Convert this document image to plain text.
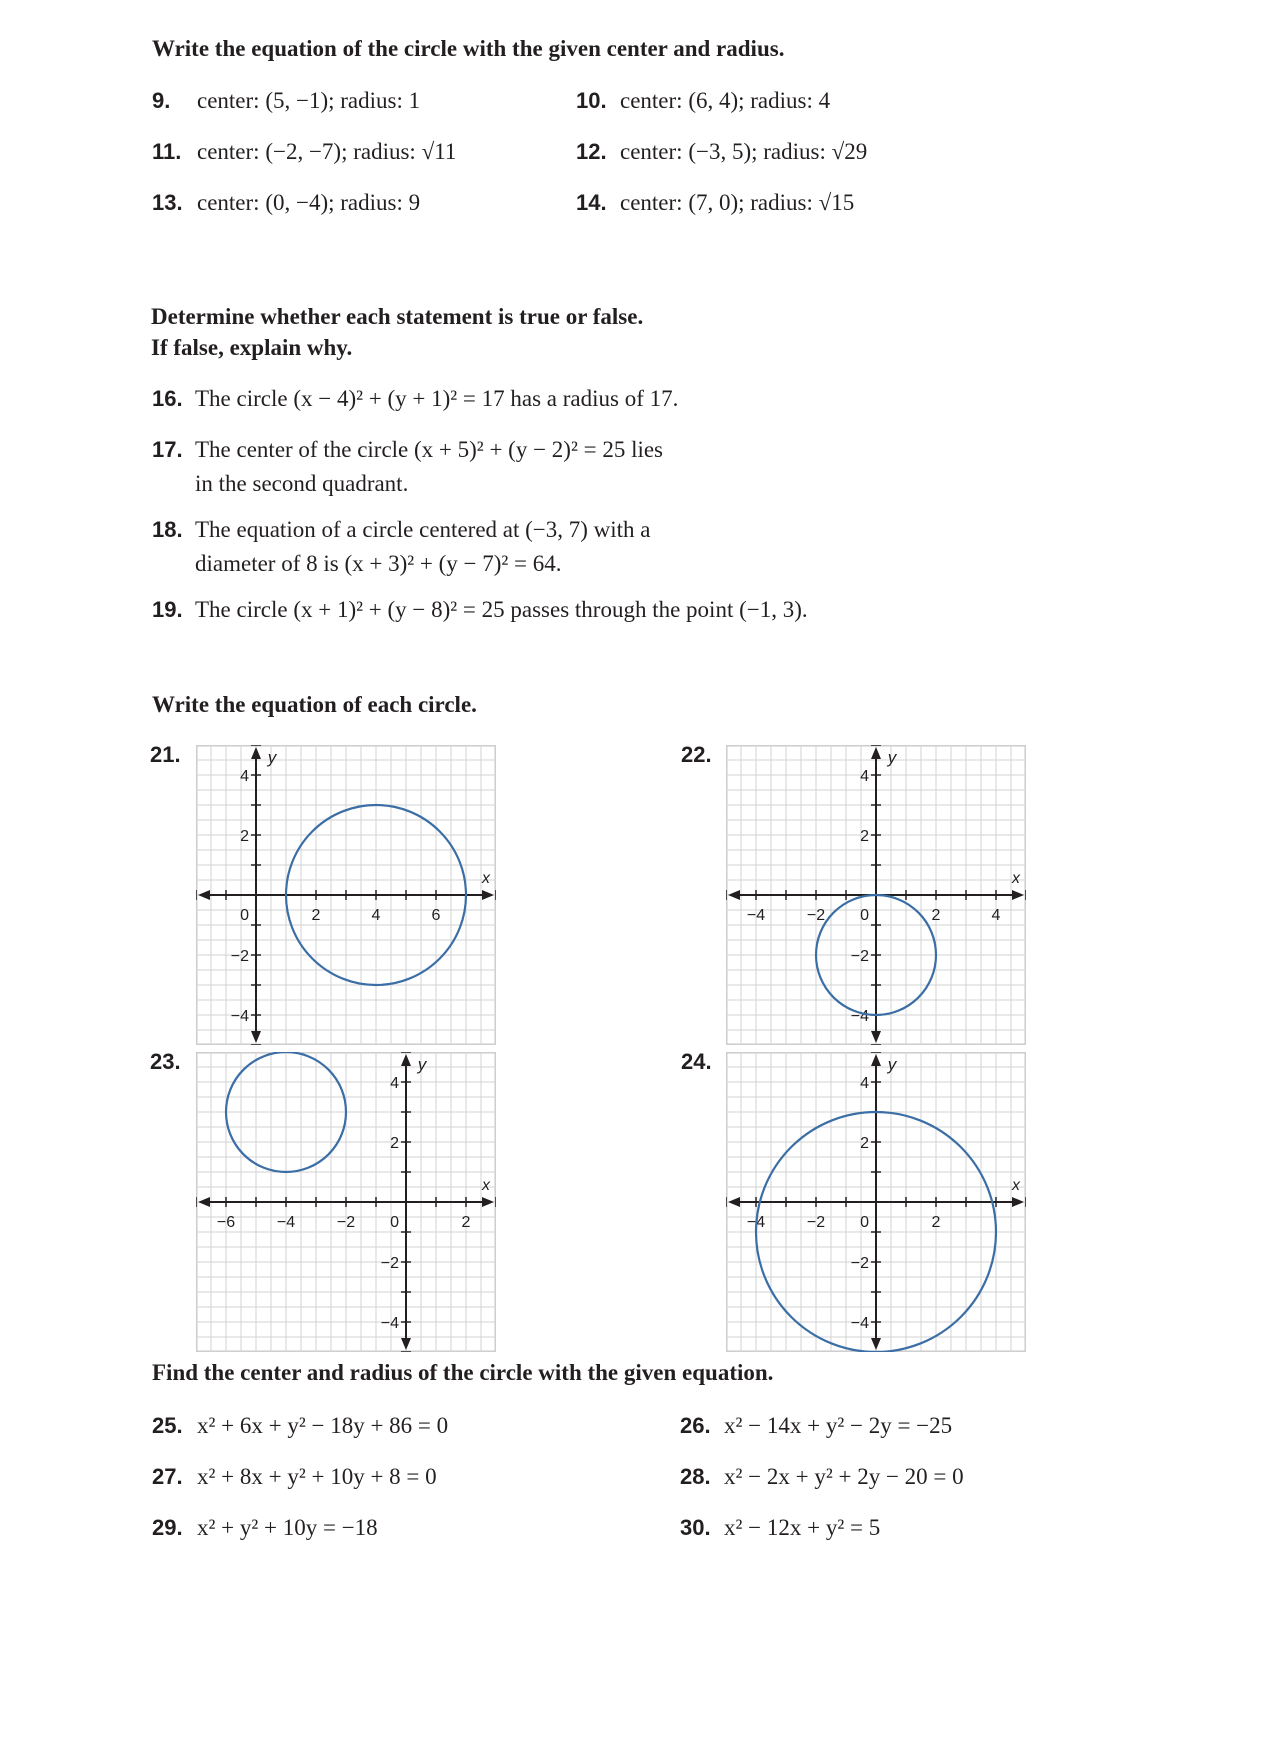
Write the equation of the circle with the given center and radius.
9. center: (5, −1); radius: 1	10. center: (6, 4); radius: 4
11. center: (−2, −7); radius: √11	12. center: (−3, 5); radius: √29
13. center: (0, −4); radius: 9	14. center: (7, 0); radius: √15
Determine whether each statement is true or false.
If false, explain why.
16. The circle (x − 4)² + (y + 1)² = 17 has a radius of 17.
17. The center of the circle (x + 5)² + (y − 2)² = 25 lies
in the second quadrant.
18. The equation of a circle centered at (−3, 7) with a
diameter of 8 is (x + 3)² + (y − 7)² = 64.
19. The circle (x + 1)² + (y − 8)² = 25 passes through the point (−1, 3).
Write the equation of each circle.
21.
2	4	6
4
2
−2
−4
0
x
y	22.
−4	−2	2	4
4
2
−2
−4
0
x
y
23.
−6	−4	−2	2
4
2
−2
−4
0
x
y	24.
−4	−2	2
4
2
−2
−4
0
x
y
Find the center and radius of the circle with the given equation.
25. x² + 6x + y² − 18y + 86 = 0	26. x² − 14x + y² − 2y = −25
27. x² + 8x + y² + 10y + 8 = 0	28. x² − 2x + y² + 2y − 20 = 0
29. x² + y² + 10y = −18	30. x² − 12x + y² = 5
